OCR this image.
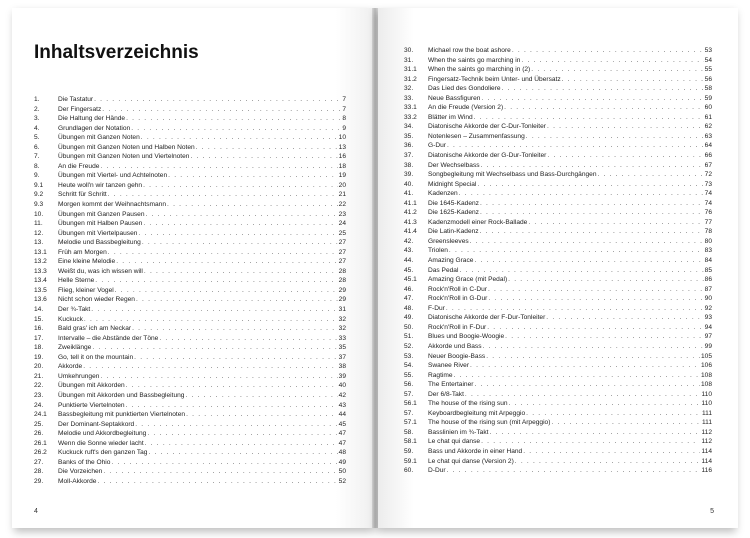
Inhaltsverzeichnis
1.	Die Tastatur . . .	7
2.	Der Fingersatz . . .	7
3.	Die Haltung der Hände . . .	8
4.	Grundlagen der Notation . . .	9
5.	Übungen mit Ganzen Noten . . .	10
6.	Übungen mit Ganzen Noten und Halben Noten . . .	13
7.	Übungen mit Ganzen Noten und Viertelnoten . . .	16
8.	An die Freude . . .	18
9.	Übungen mit Viertel- und Achtelnoten . . .	19
9.1	Heute woll'n wir tanzen gehn . . .	20
9.2	Schritt für Schritt . . .	21
9.3	Morgen kommt der Weihnachtsmann . . .	22
10.	Übungen mit Ganzen Pausen . . .	23
11.	Übungen mit Halben Pausen . . .	24
12.	Übungen mit Viertelpausen . . .	25
13.	Melodie und Bassbegleitung . . .	27
13.1	Früh am Morgen . . .	27
13.2	Eine kleine Melodie . . .	27
13.3	Weißt du, was ich wissen will . . .	28
13.4	Helle Sterne . . .	28
13.5	Flieg, kleiner Vogel . . .	29
13.6	Nicht schon wieder Regen . . .	29
14.	Der ¾-Takt . . .	31
15.	Kuckuck . . .	32
16.	Bald gras' ich am Neckar . . .	32
17.	Intervalle – die Abstände der Töne . . .	33
18.	Zweiklänge . . .	35
19.	Go, tell it on the mountain . . .	37
20.	Akkorde . . .	38
21.	Umkehrungen . . .	39
22.	Übungen mit Akkorden . . .	40
23.	Übungen mit Akkorden und Bassbegleitung . . .	42
24.	Punktierte Viertelnoten . . .	43
24.1	Bassbegleitung mit punktierten Viertelnoten . . .	44
25.	Der Dominant-Septakkord . . .	45
26.	Melodie und Akkordbegleitung . . .	47
26.1	Wenn die Sonne wieder lacht . . .	47
26.2	Kuckuck ruft's den ganzen Tag . . .	48
27.	Banks of the Ohio . . .	49
28.	Die Vorzeichen . . .	50
29.	Moll-Akkorde . . .	52
4
30.	Michael row the boat ashore . . .	53
31.	When the saints go marching in . . .	54
31.1	When the saints go marching in (2) . . .	55
31.2	Fingersatz-Technik beim Unter- und Übersatz . . .	56
32.	Das Lied des Gondoliere . . .	58
33.	Neue Bassfiguren . . .	59
33.1	An die Freude (Version 2) . . .	60
33.2	Blätter im Wind . . .	61
34.	Diatonische Akkorde der C-Dur-Tonleiter . . .	62
35.	Notenlesen – Zusammenfassung . . .	63
36.	G-Dur . . .	64
37.	Diatonische Akkorde der G-Dur-Tonleiter . . .	66
38.	Der Wechselbass . . .	67
39.	Songbegleitung mit Wechselbass und Bass-Durchgängen . . .	72
40.	Midnight Special . . .	73
41.	Kadenzen . . .	74
41.1	Die 1645-Kadenz . . .	74
41.2	Die 1625-Kadenz . . .	76
41.3	Kadenzmodell einer Rock-Ballade . . .	77
41.4	Die Latin-Kadenz . . .	78
42.	Greensleeves . . .	80
43.	Triolen . . .	83
44.	Amazing Grace . . .	84
45.	Das Pedal . . .	85
45.1	Amazing Grace (mit Pedal) . . .	86
46.	Rock'n'Roll in C-Dur . . .	87
47.	Rock'n'Roll in G-Dur . . .	90
48.	F-Dur . . .	92
49.	Diatonische Akkorde der F-Dur-Tonleiter . . .	93
50.	Rock'n'Roll in F-Dur . . .	94
51.	Blues und Boogie-Woogie . . .	97
52.	Akkorde und Bass . . .	99
53.	Neuer Boogie-Bass . . .	105
54.	Swanee River . . .	106
55.	Ragtime . . .	108
56.	The Entertainer . . .	108
57.	Der 6/8-Takt . . .	110
56.1	The house of the rising sun . . .	110
57.	Keyboardbegleitung mit Arpeggio . . .	111
57.1	The house of the rising sun (mit Arpeggio) . . .	111
58.	Basslinien im ¾-Takt . . .	112
58.1	Le chat qui danse . . .	112
59.	Bass und Akkorde in einer Hand . . .	114
59.1	Le chat qui danse (Version 2) . . .	114
60.	D-Dur . . .	116
5
